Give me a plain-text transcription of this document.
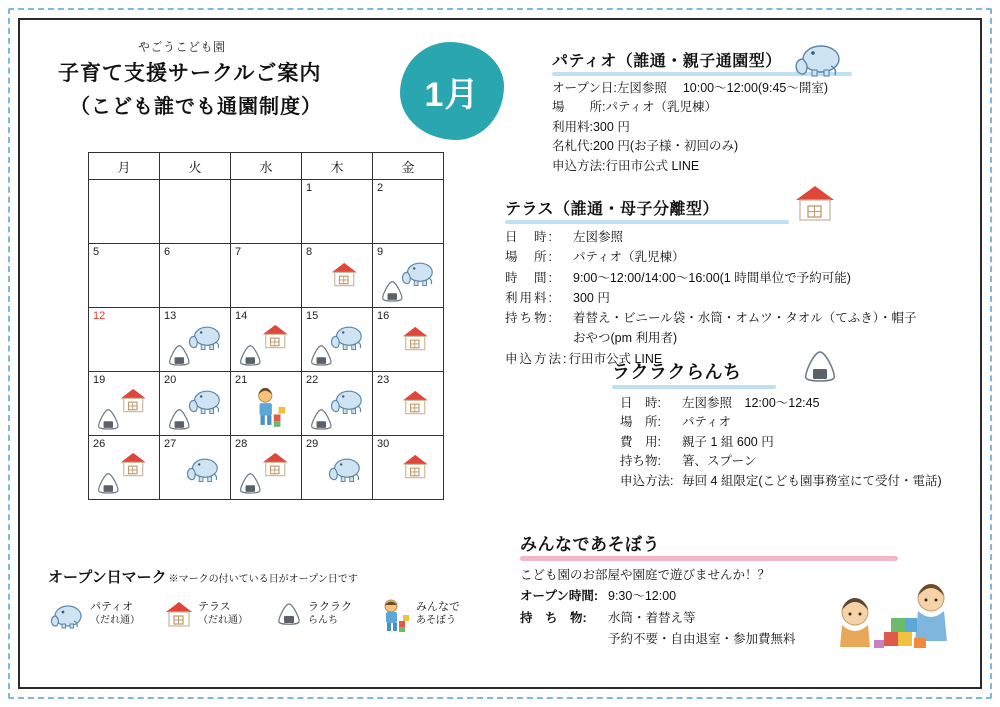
やごうこども園
子育て支援サークルご案内
（こども誰でも通園制度）	1月
月	火	水	木	金

			1	2

5	6	7	8	9

12	13	14	15	16

19	20	21	22	23

26	27	28	29	30
オープン日マーク ※マークの付いている日がオープン日です
パティオ
（だれ通）
テラス
（だれ通）
ラクラク
らんち
みんなで
あそぼう
パティオ（誰通・親子通園型）
オープン日: 左図参照　 10:00～12:00(9:45～開室)
場　　所: パティオ（乳児棟）
利用料: 300 円
名札代: 200 円(お子様・初回のみ)
申込方法: 行田市公式 LINE
テラス（誰通・母子分離型）
日　時:	左図参照
場　所:	パティオ（乳児棟）
時　間:	9:00～12:00/14:00～16:00(1 時間単位で予約可能)
利用料:	300 円
持ち物:	着替え・ビニール袋・水筒・オムツ・タオル（てふき）・帽子
おやつ(pm 利用者)
申込方法: 行田市公式 LINE
ラクラクらんち
日　時:	左図参照　12:00～12:45
場　所:	パティオ
費　用:	親子 1 組 600 円
持ち物:	箸、スプーン
申込方法: 毎回 4 組限定(こども園事務室にて受付・電話)
みんなであそぼう
こども園のお部屋や園庭で遊びませんか！？
オープン時間: 9:30～12:00
持　ち　物:	水筒・着替え等
予約不要・自由退室・参加費無料
